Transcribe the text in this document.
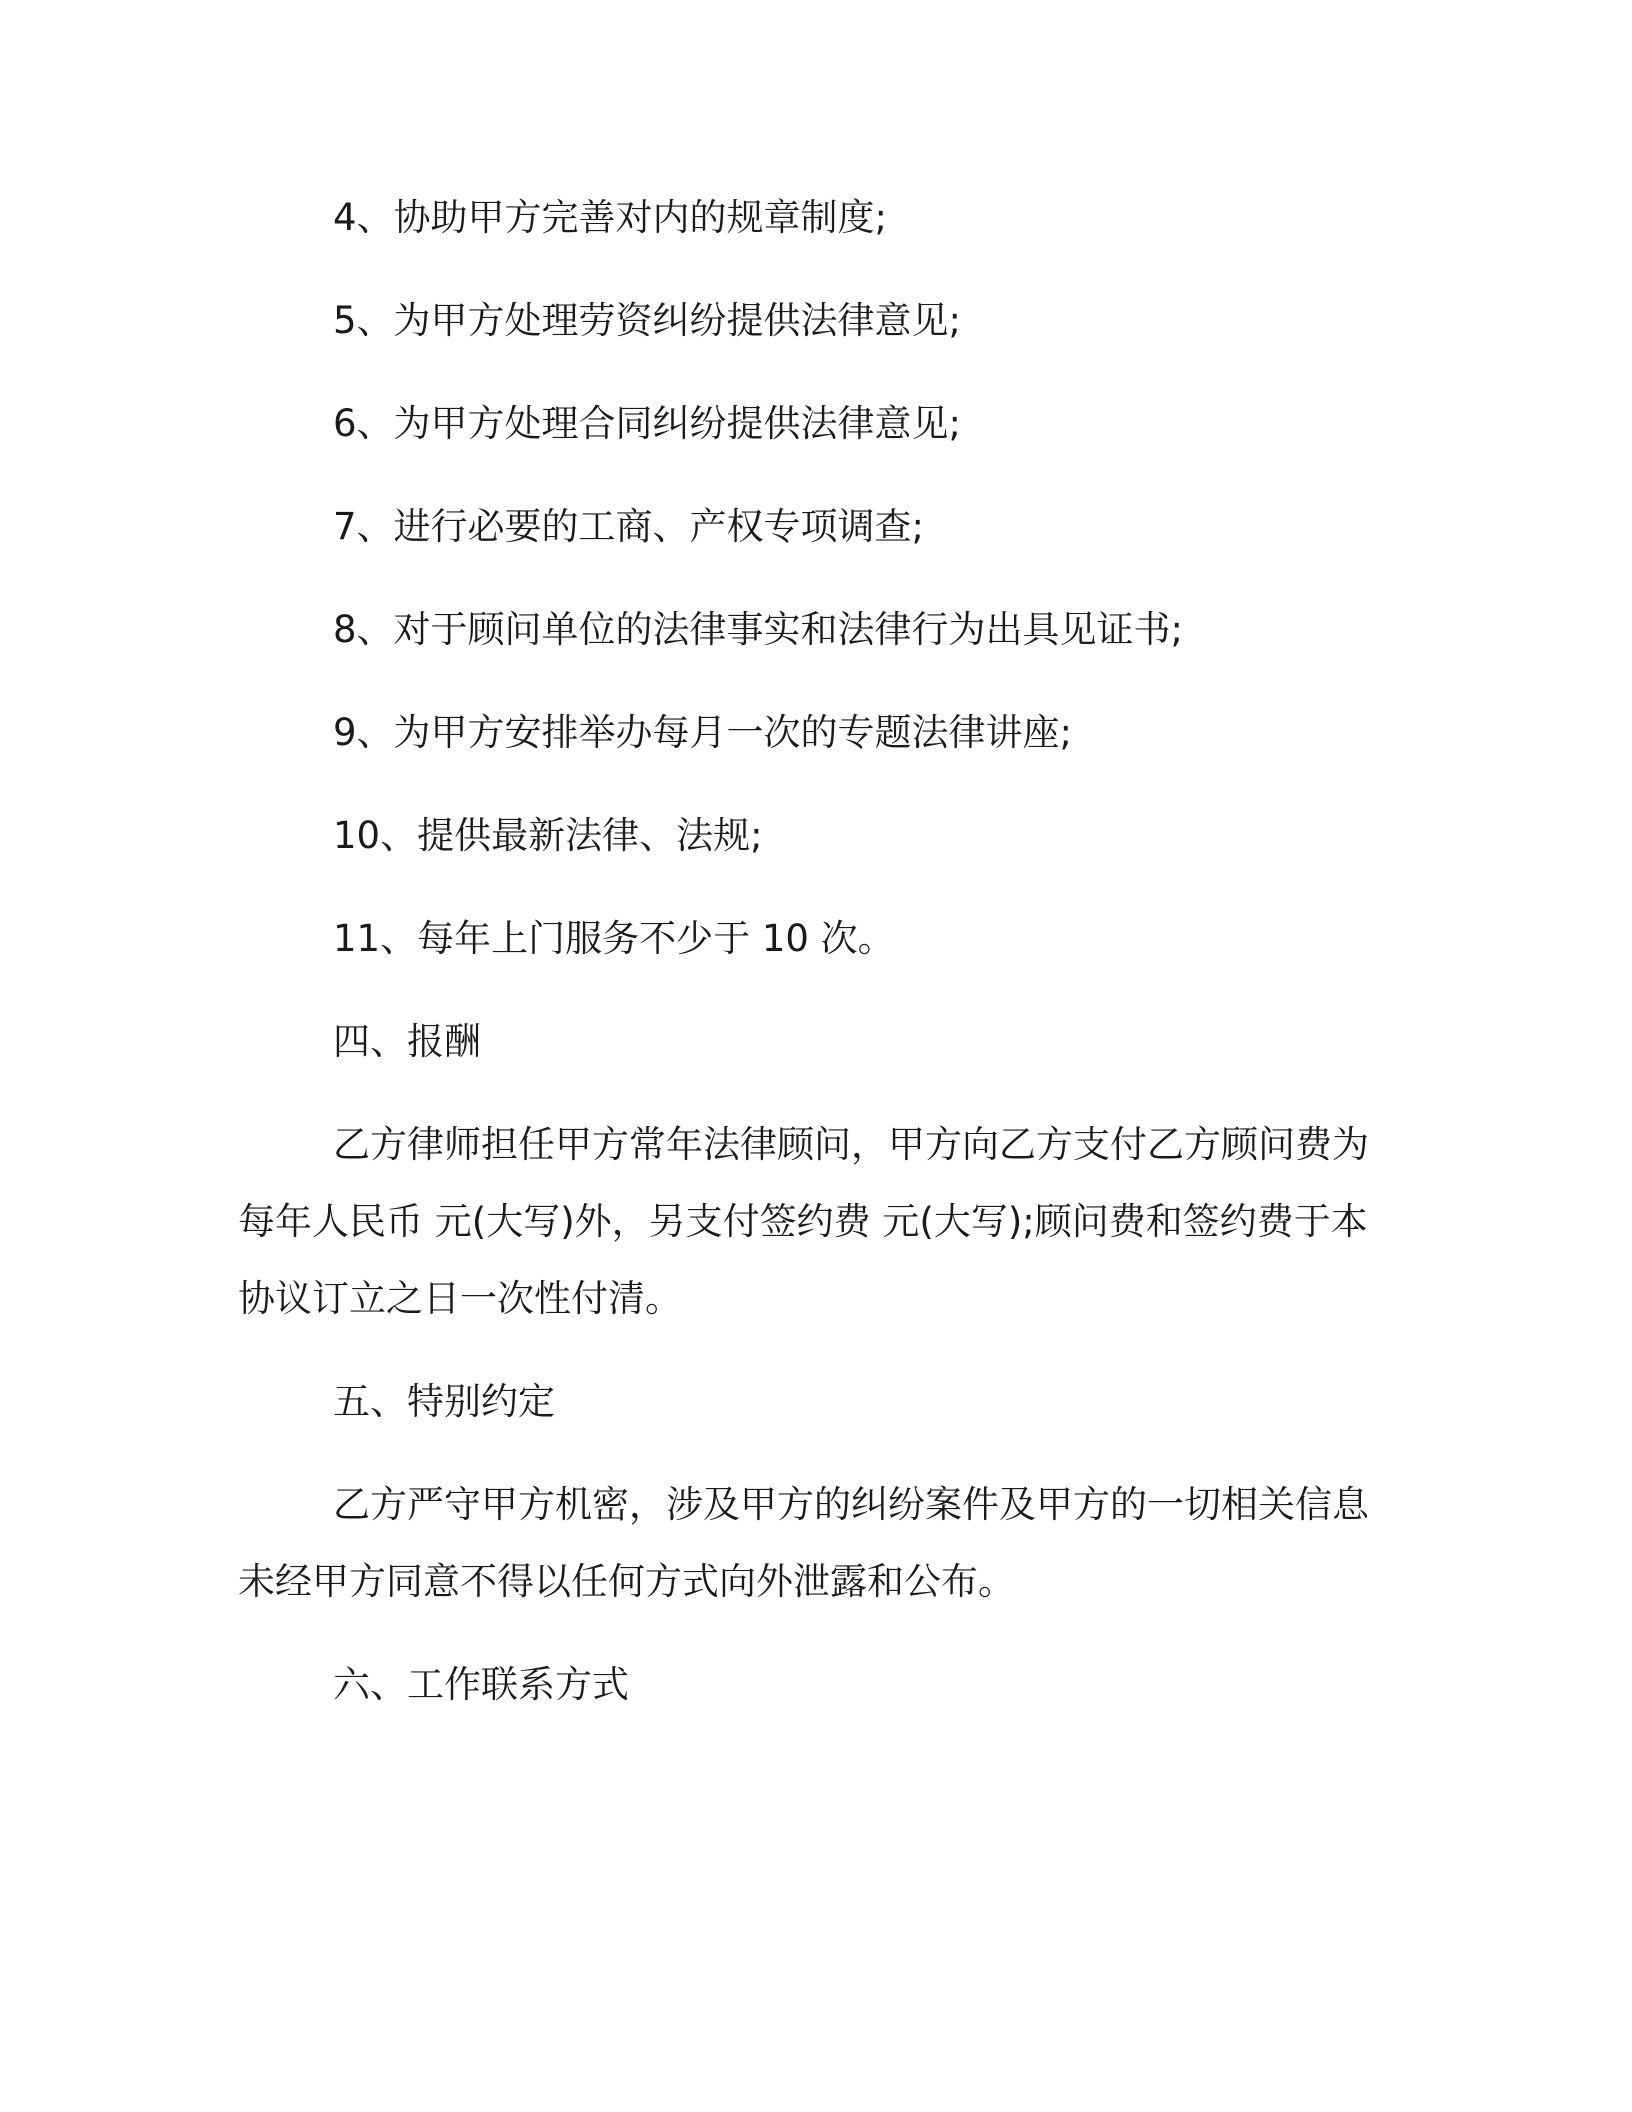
4、协助甲方完善对内的规章制度;
5、为甲方处理劳资纠纷提供法律意见;
6、为甲方处理合同纠纷提供法律意见;
7、进行必要的工商、产权专项调查;
8、对于顾问单位的法律事实和法律行为出具见证书;
9、为甲方安排举办每月一次的专题法律讲座;
10、提供最新法律、法规;
11、每年上门服务不少于 10 次。
四、报酬
乙方律师担任甲方常年法律顾问，甲方向乙方支付乙方顾问费为
每年人民币 元(大写)外，另支付签约费 元(大写);顾问费和签约费于本
协议订立之日一次性付清。
五、特别约定
乙方严守甲方机密，涉及甲方的纠纷案件及甲方的一切相关信息
未经甲方同意不得以任何方式向外泄露和公布。
六、工作联系方式
